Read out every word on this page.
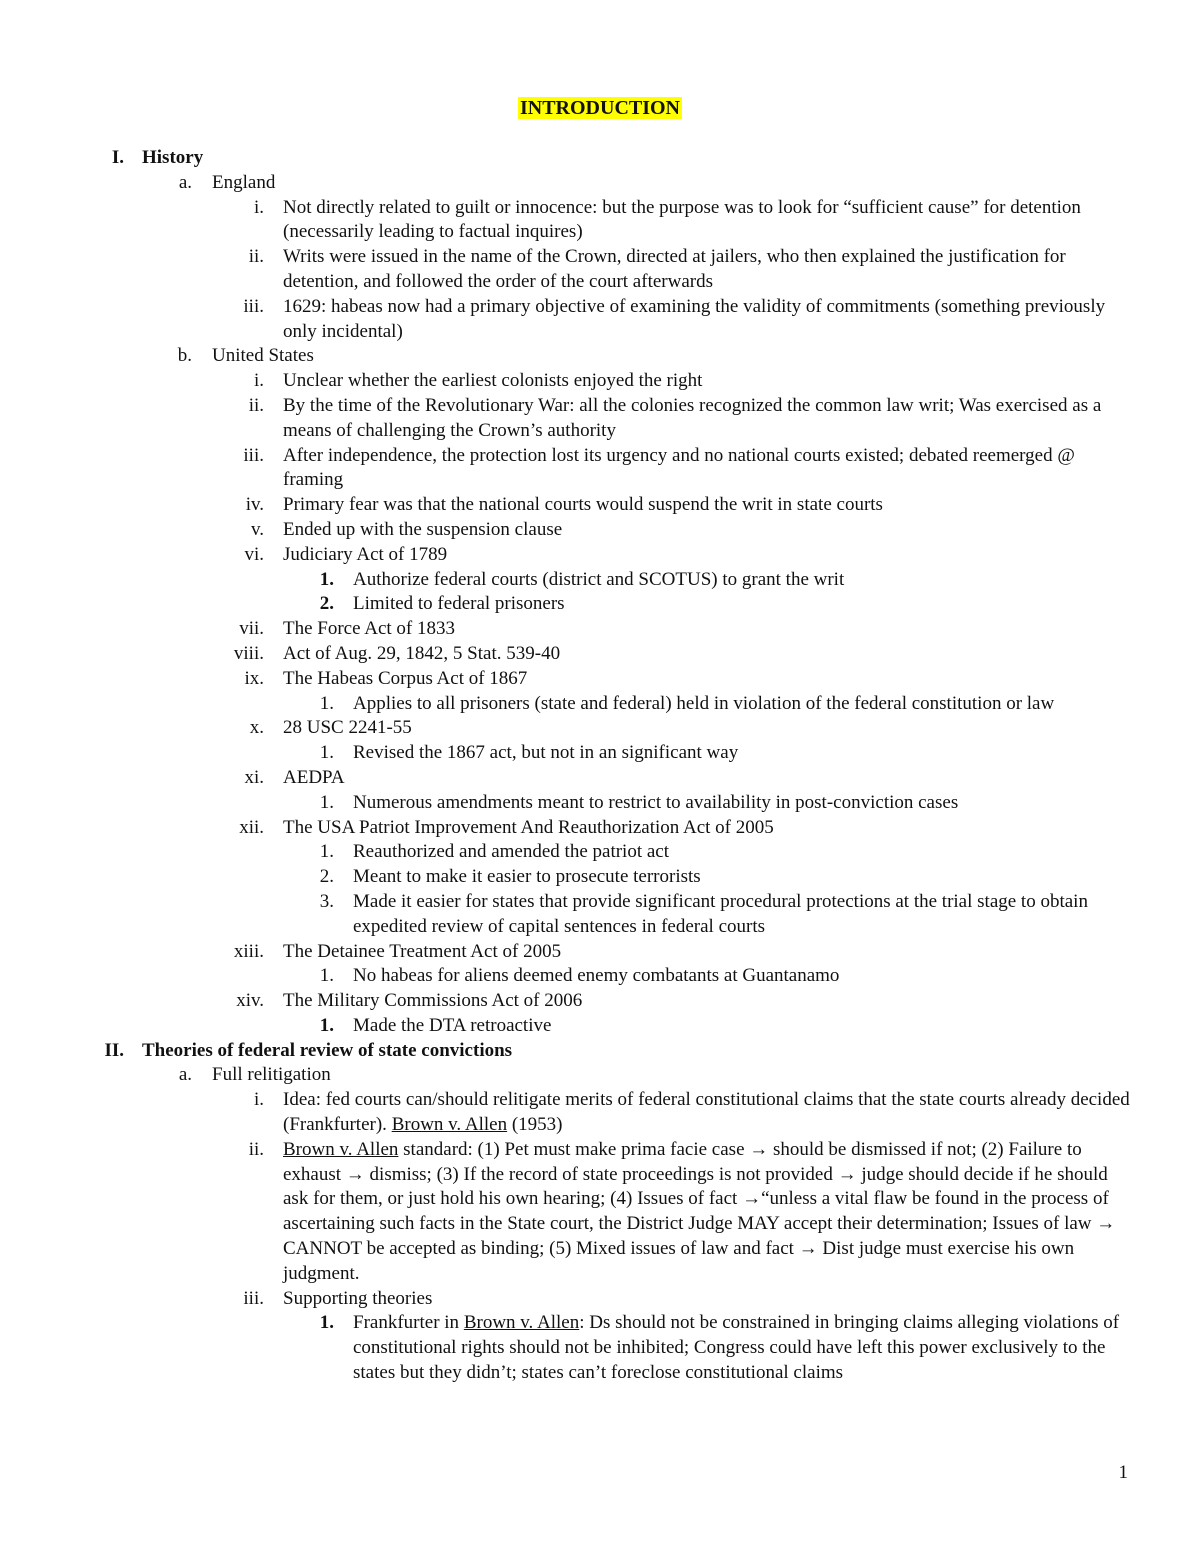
INTRODUCTION
I. History
a. England
i. Not directly related to guilt or innocence: but the purpose was to look for “sufficient cause” for detention (necessarily leading to factual inquires)
ii. Writs were issued in the name of the Crown, directed at jailers, who then explained the justification for detention, and followed the order of the court afterwards
iii. 1629: habeas now had a primary objective of examining the validity of commitments (something previously only incidental)
b. United States
i. Unclear whether the earliest colonists enjoyed the right
ii. By the time of the Revolutionary War: all the colonies recognized the common law writ; Was exercised as a means of challenging the Crown’s authority
iii. After independence, the protection lost its urgency and no national courts existed; debated reemerged @ framing
iv. Primary fear was that the national courts would suspend the writ in state courts
v. Ended up with the suspension clause
vi. Judiciary Act of 1789
1. Authorize federal courts (district and SCOTUS) to grant the writ
2. Limited to federal prisoners
vii. The Force Act of 1833
viii. Act of Aug. 29, 1842, 5 Stat. 539-40
ix. The Habeas Corpus Act of 1867
1. Applies to all prisoners (state and federal) held in violation of the federal constitution or law
x. 28 USC 2241-55
1. Revised the 1867 act, but not in an significant way
xi. AEDPA
1. Numerous amendments meant to restrict to availability in post-conviction cases
xii. The USA Patriot Improvement And Reauthorization Act of 2005
1. Reauthorized and amended the patriot act
2. Meant to make it easier to prosecute terrorists
3. Made it easier for states that provide significant procedural protections at the trial stage to obtain expedited review of capital sentences in federal courts
xiii. The Detainee Treatment Act of 2005
1. No habeas for aliens deemed enemy combatants at Guantanamo
xiv. The Military Commissions Act of 2006
1. Made the DTA retroactive
II. Theories of federal review of state convictions
a. Full relitigation
i. Idea: fed courts can/should relitigate merits of federal constitutional claims that the state courts already decided (Frankfurter). Brown v. Allen (1953)
ii. Brown v. Allen standard: (1) Pet must make prima facie case → should be dismissed if not; (2) Failure to exhaust → dismiss; (3) If the record of state proceedings is not provided → judge should decide if he should ask for them, or just hold his own hearing; (4) Issues of fact →“unless a vital flaw be found in the process of ascertaining such facts in the State court, the District Judge MAY accept their determination; Issues of law → CANNOT be accepted as binding; (5) Mixed issues of law and fact → Dist judge must exercise his own judgment.
iii. Supporting theories
1. Frankfurter in Brown v. Allen: Ds should not be constrained in bringing claims alleging violations of constitutional rights should not be inhibited; Congress could have left this power exclusively to the states but they didn’t; states can’t foreclose constitutional claims
1
